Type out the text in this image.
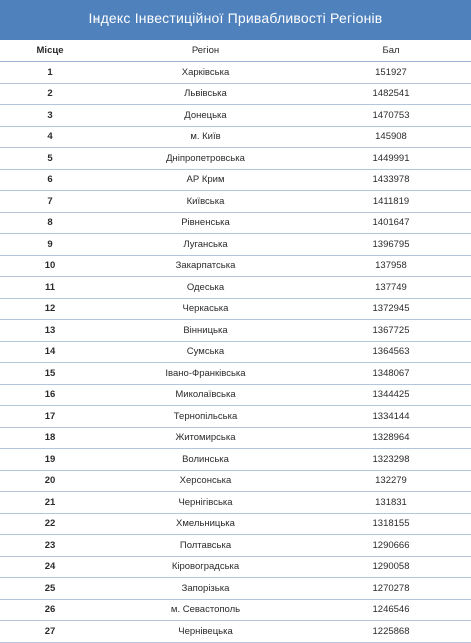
Індекс Інвестиційної Привабливості Регіонів
Місце	Регіон	Бал
1	Харківська	151927
2	Львівська	1482541
3	Донецька	1470753
4	м. Київ	145908
5	Дніпропетровська	1449991
6	АР Крим	1433978
7	Київська	1411819
8	Рівненська	1401647
9	Луганська	1396795
10	Закарпатська	137958
11	Одеська	137749
12	Черкаська	1372945
13	Вінницька	1367725
14	Сумська	1364563
15	Івано-Франківська	1348067
16	Миколаївська	1344425
17	Тернопільська	1334144
18	Житомирська	1328964
19	Волинська	1323298
20	Херсонська	132279
21	Чернігівська	131831
22	Хмельницька	1318155
23	Полтавська	1290666
24	Кіровоградська	1290058
25	Запорізька	1270278
26	м. Севастополь	1246546
27	Чернівецька	1225868
